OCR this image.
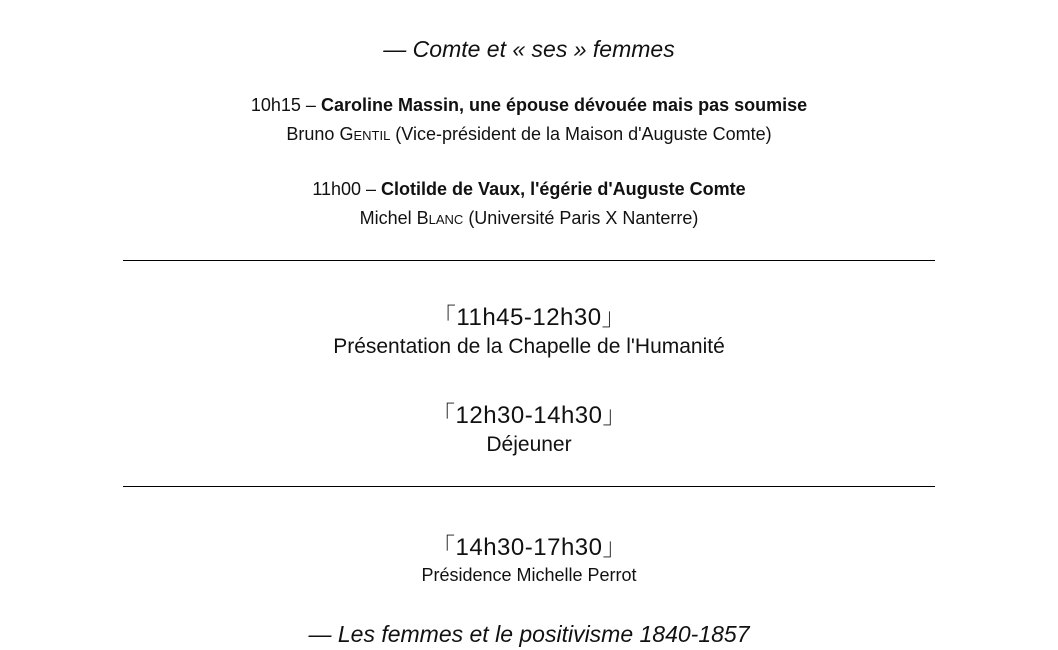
— Comte et « ses » femmes
10h15 – Caroline Massin, une épouse dévouée mais pas soumise
Bruno Gentil (Vice-président de la Maison d'Auguste Comte)
11h00 – Clotilde de Vaux, l'égérie d'Auguste Comte
Michel Blanc (Université Paris X Nanterre)
「11h45-12h30」
Présentation de la Chapelle de l'Humanité
「12h30-14h30」
Déjeuner
「14h30-17h30」
Présidence Michelle Perrot
— Les femmes et le positivisme 1840-1857
